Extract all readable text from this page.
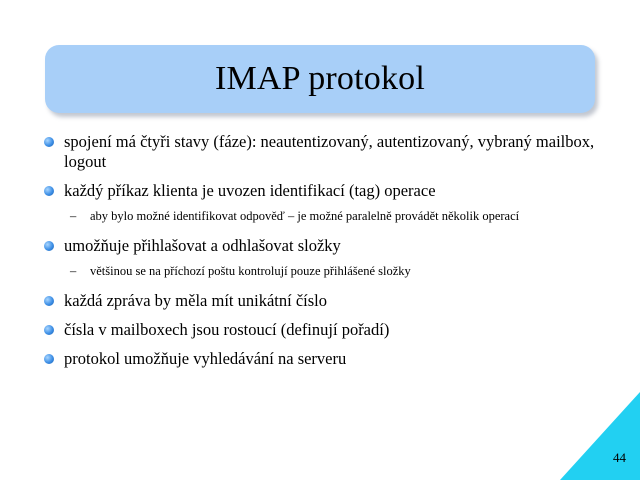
IMAP protokol
spojení má čtyři stavy (fáze): neautentizovaný, autentizovaný, vybraný mailbox, logout
každý příkaz klienta je uvozen identifikací (tag) operace
– aby bylo možné identifikovat odpověď – je možné paralelně provádět několik operací
umožňuje přihlašovat a odhlašovat složky
– většinou se na příchozí poštu kontrolují pouze přihlášené složky
každá zpráva by měla mít unikátní číslo
čísla v mailboxech jsou rostoucí (definují pořadí)
protokol umožňuje vyhledávání na serveru
44
